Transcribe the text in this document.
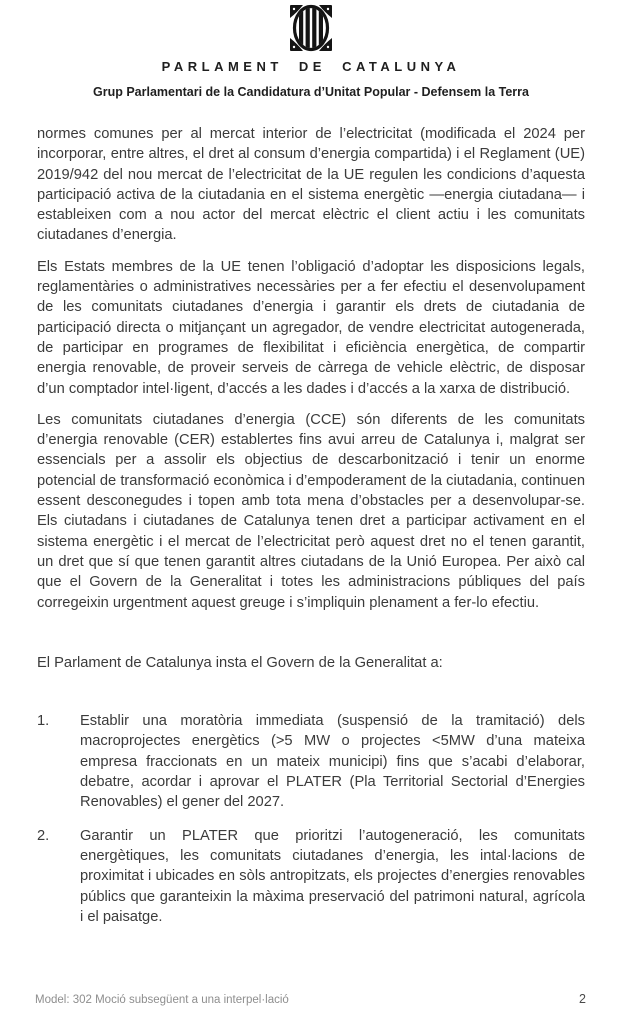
PARLAMENT DE CATALUNYA
Grup Parlamentari de la Candidatura d’Unitat Popular - Defensem la Terra

normes comunes per al mercat interior de l’electricitat (modificada el 2024 per incorporar, entre altres, el dret al consum d’energia compartida) i el Reglament (UE) 2019/942 del nou mercat de l’electricitat de la UE regulen les condicions d’aquesta participació activa de la ciutadania en el sistema energètic —energia ciutadana— i estableixen com a nou actor del mercat elèctric el client actiu i les comunitats ciutadanes d’energia.

Els Estats membres de la UE tenen l’obligació d’adoptar les disposicions legals, reglamentàries o administratives necessàries per a fer efectiu el desenvolupament de les comunitats ciutadanes d’energia i garantir els drets de ciutadania de participació directa o mitjançant un agregador, de vendre electricitat autogenerada, de participar en programes de flexibilitat i eficiència energètica, de compartir energia renovable, de proveir serveis de càrrega de vehicle elèctric, de disposar d’un comptador intel·ligent, d’accés a les dades i d’accés a la xarxa de distribució.

Les comunitats ciutadanes d’energia (CCE) són diferents de les comunitats d’energia renovable (CER) establertes fins avui arreu de Catalunya i, malgrat ser essencials per a assolir els objectius de descarbonització i tenir un enorme potencial de transformació econòmica i d’empoderament de la ciutadania, continuen essent desconegudes i topen amb tota mena d’obstacles per a desenvolupar-se. Els ciutadans i ciutadanes de Catalunya tenen dret a participar activament en el sistema energètic i el mercat de l’electricitat però aquest dret no el tenen garantit, un dret que sí que tenen garantit altres ciutadans de la Unió Europea. Per això cal que el Govern de la Generalitat i totes les administracions públiques del país corregeixin urgentment aquest greuge i s’impliquin plenament a fer-lo efectiu.

El Parlament de Catalunya insta el Govern de la Generalitat a:

1.	Establir una moratòria immediata (suspensió de la tramitació) dels macroprojectes energètics (>5 MW o projectes <5MW d’una mateixa empresa fraccionats en un mateix municipi) fins que s’acabi d’elaborar, debatre, acordar i aprovar el PLATER (Pla Territorial Sectorial d’Energies Renovables) el gener del 2027.
2.	Garantir un PLATER que prioritzi l’autogeneració, les comunitats energètiques, les comunitats ciutadanes d’energia, les intal·lacions de proximitat i ubicades en sòls antropitzats, els projectes d’energies renovables públics que garanteixin la màxima preservació del patrimoni natural, agrícola i el paisatge.
Model: 302 Moció subsegüent a una interpel·lació	2
